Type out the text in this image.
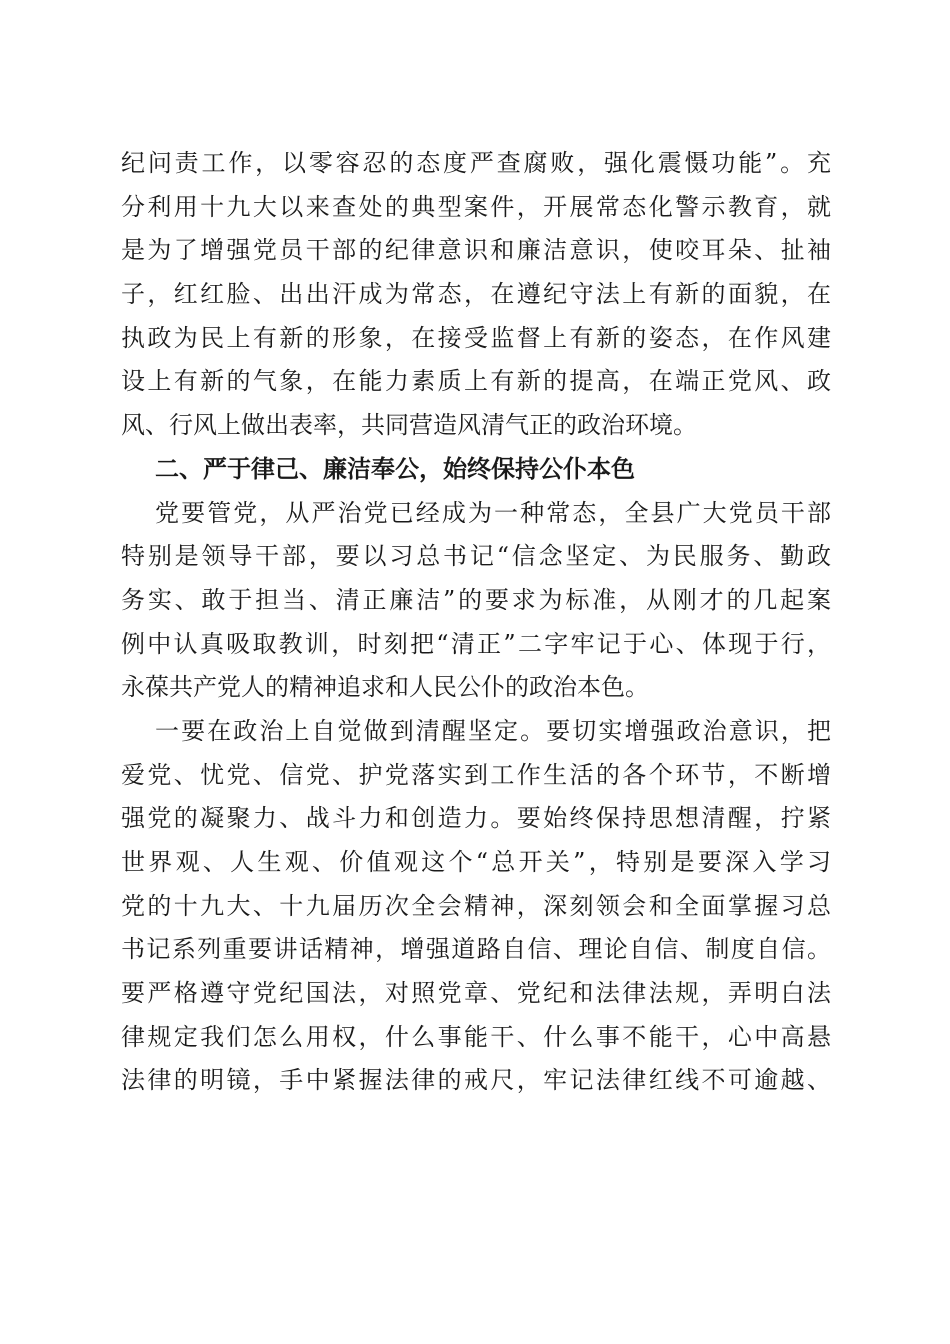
纪问责工作，以零容忍的态度严查腐败，强化震慑功能”。充
分利用十九大以来查处的典型案件，开展常态化警示教育，就
是为了增强党员干部的纪律意识和廉洁意识，使咬耳朵、扯袖
子，红红脸、出出汗成为常态，在遵纪守法上有新的面貌，在
执政为民上有新的形象，在接受监督上有新的姿态，在作风建
设上有新的气象，在能力素质上有新的提高，在端正党风、政
风、行风上做出表率，共同营造风清气正的政治环境。
二、严于律己、廉洁奉公，始终保持公仆本色
党要管党，从严治党已经成为一种常态，全县广大党员干部
特别是领导干部，要以习总书记“信念坚定、为民服务、勤政
务实、敢于担当、清正廉洁”的要求为标准，从刚才的几起案
例中认真吸取教训，时刻把“清正”二字牢记于心、体现于行，
永葆共产党人的精神追求和人民公仆的政治本色。
一要在政治上自觉做到清醒坚定。要切实增强政治意识，把
爱党、忧党、信党、护党落实到工作生活的各个环节，不断增
强党的凝聚力、战斗力和创造力。要始终保持思想清醒，拧紧
世界观、人生观、价值观这个“总开关”，特别是要深入学习
党的十九大、十九届历次全会精神，深刻领会和全面掌握习总
书记系列重要讲话精神，增强道路自信、理论自信、制度自信。
要严格遵守党纪国法，对照党章、党纪和法律法规，弄明白法
律规定我们怎么用权，什么事能干、什么事不能干，心中高悬
法律的明镜，手中紧握法律的戒尺，牢记法律红线不可逾越、
